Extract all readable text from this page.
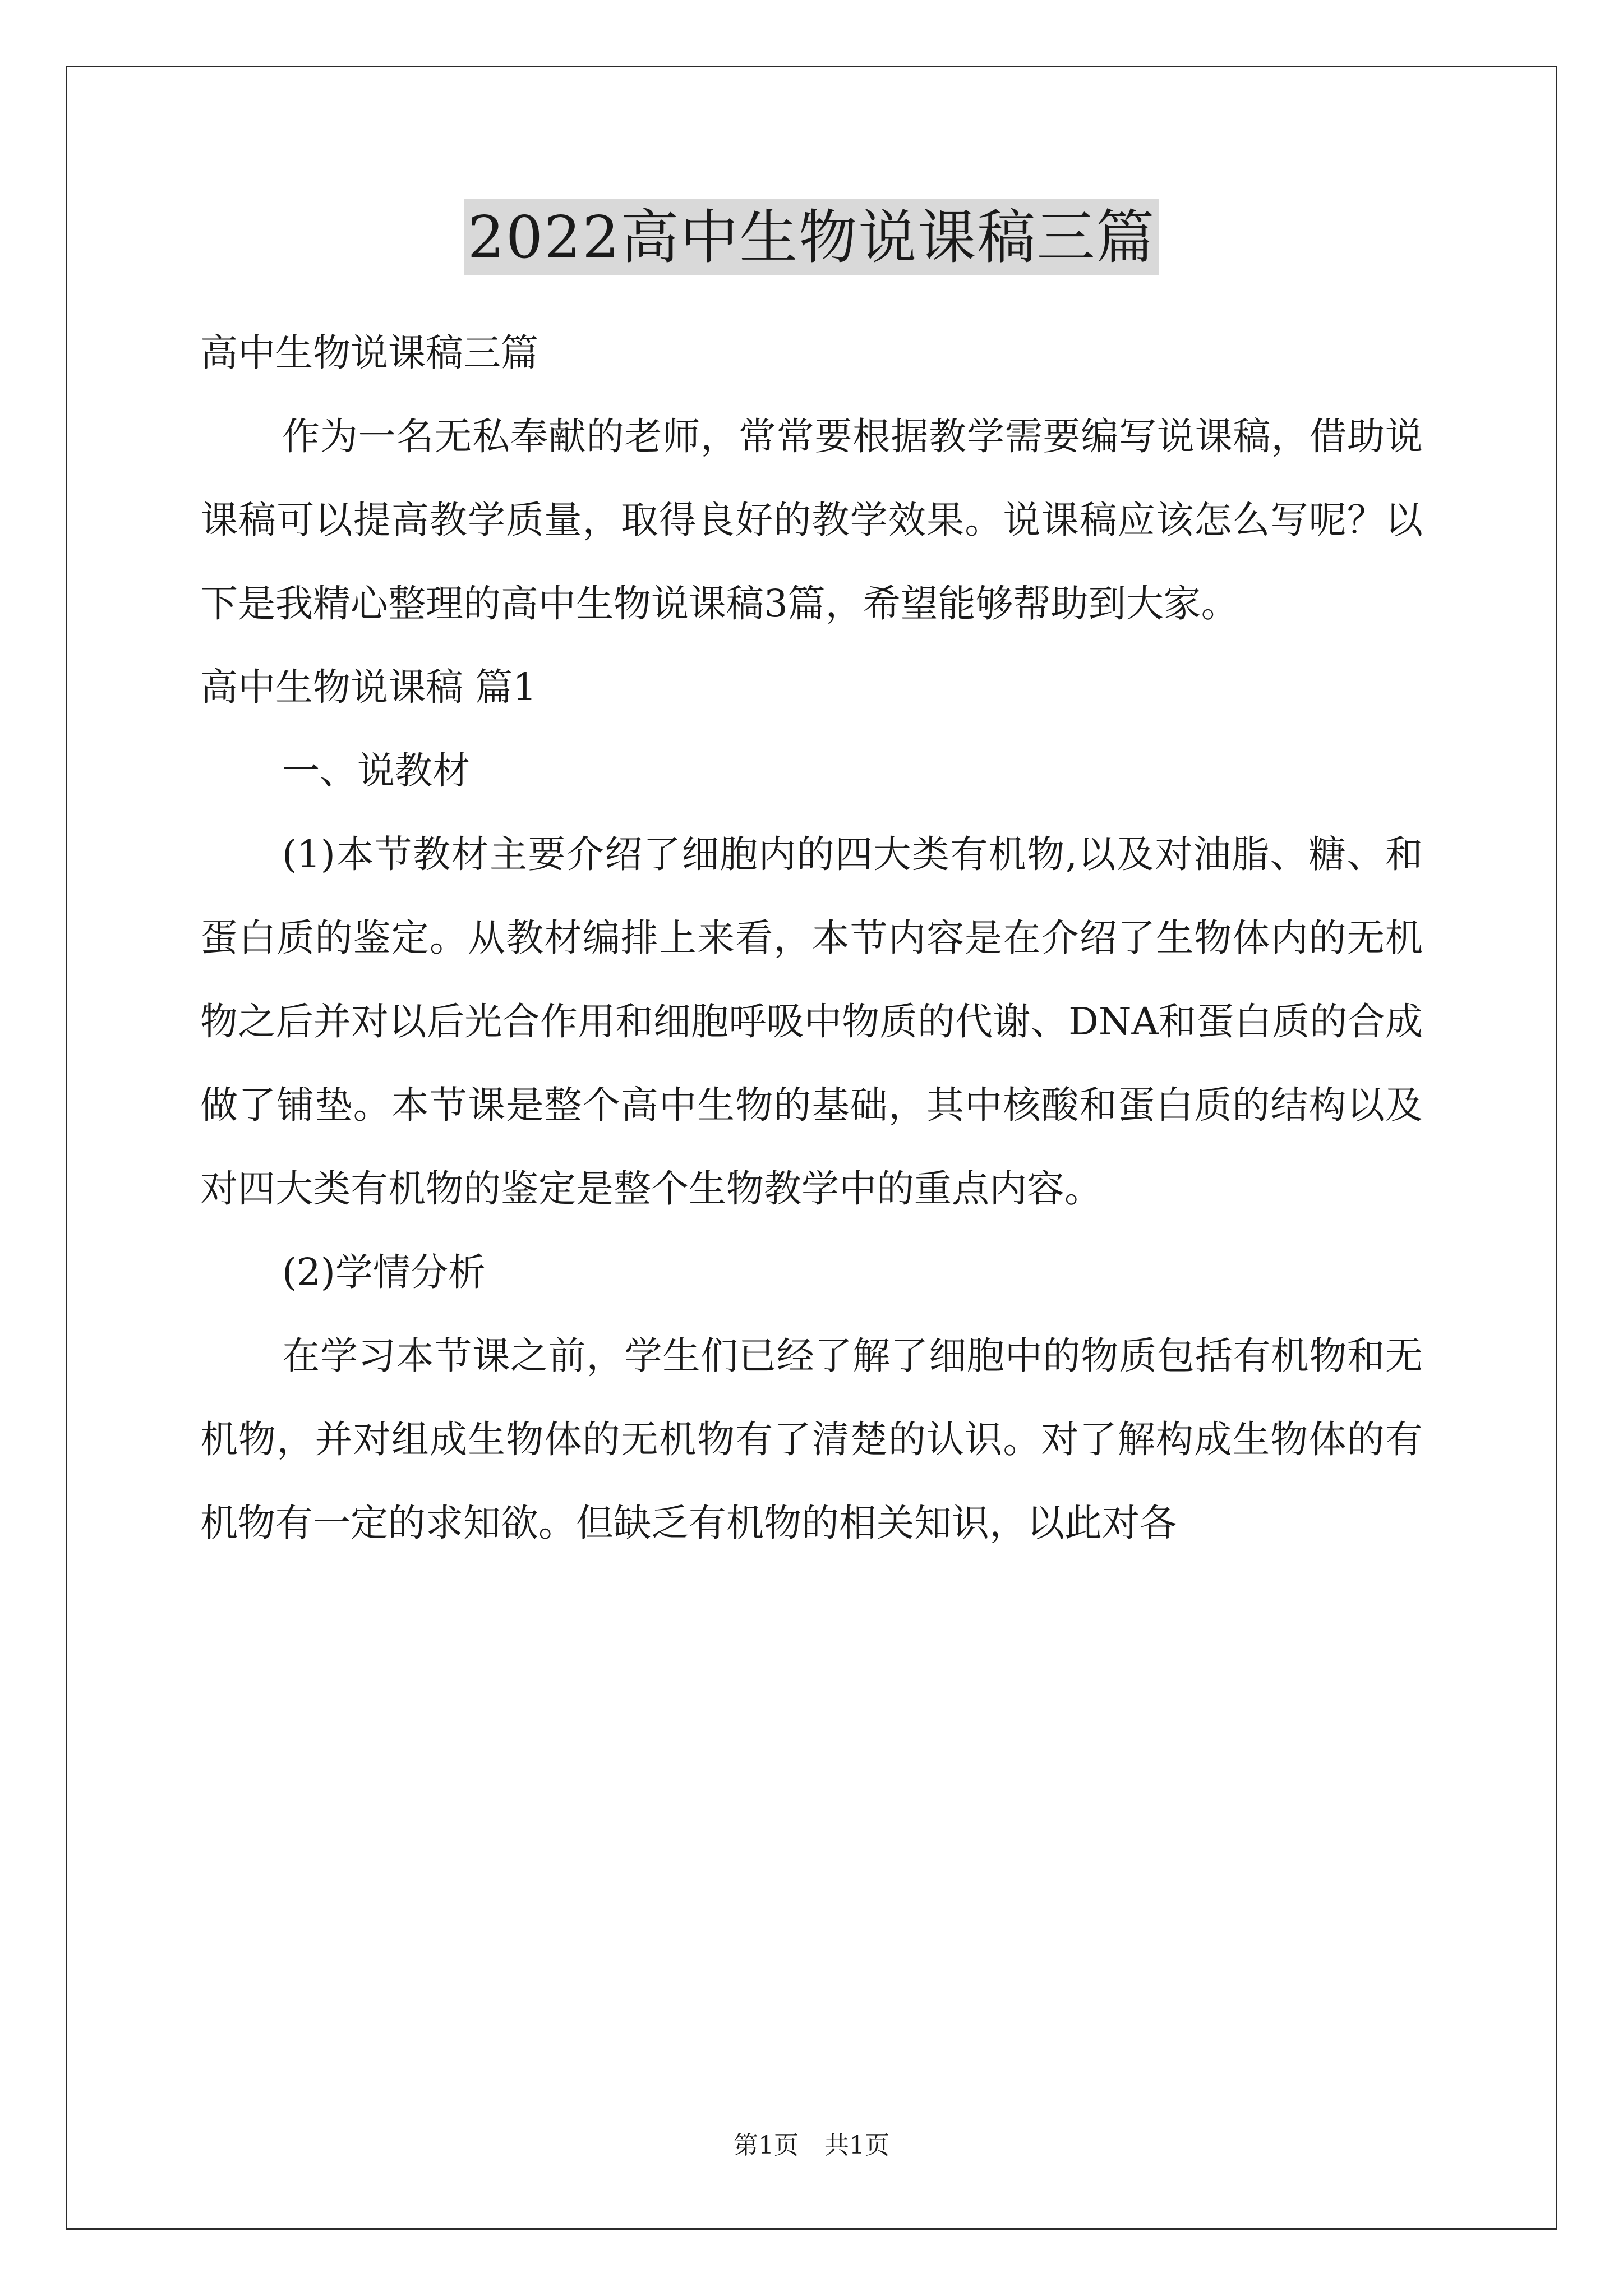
2022高中生物说课稿三篇

高中生物说课稿三篇

作为一名无私奉献的老师，常常要根据教学需要编写说课稿，借助说课稿可以提高教学质量，取得良好的教学效果。说课稿应该怎么写呢？以下是我精心整理的高中生物说课稿3篇，希望能够帮助到大家。

高中生物说课稿 篇1

一、说教材

(1)本节教材主要介绍了细胞内的四大类有机物,以及对油脂、糖、和蛋白质的鉴定。从教材编排上来看，本节内容是在介绍了生物体内的无机物之后并对以后光合作用和细胞呼吸中物质的代谢、DNA和蛋白质的合成做了铺垫。本节课是整个高中生物的基础，其中核酸和蛋白质的结构以及对四大类有机物的鉴定是整个生物教学中的重点内容。

(2)学情分析

在学习本节课之前，学生们已经了解了细胞中的物质包括有机物和无机物，并对组成生物体的无机物有了清楚的认识。对了解构成生物体的有机物有一定的求知欲。但缺乏有机物的相关知识，以此对各

第1页 共1页
